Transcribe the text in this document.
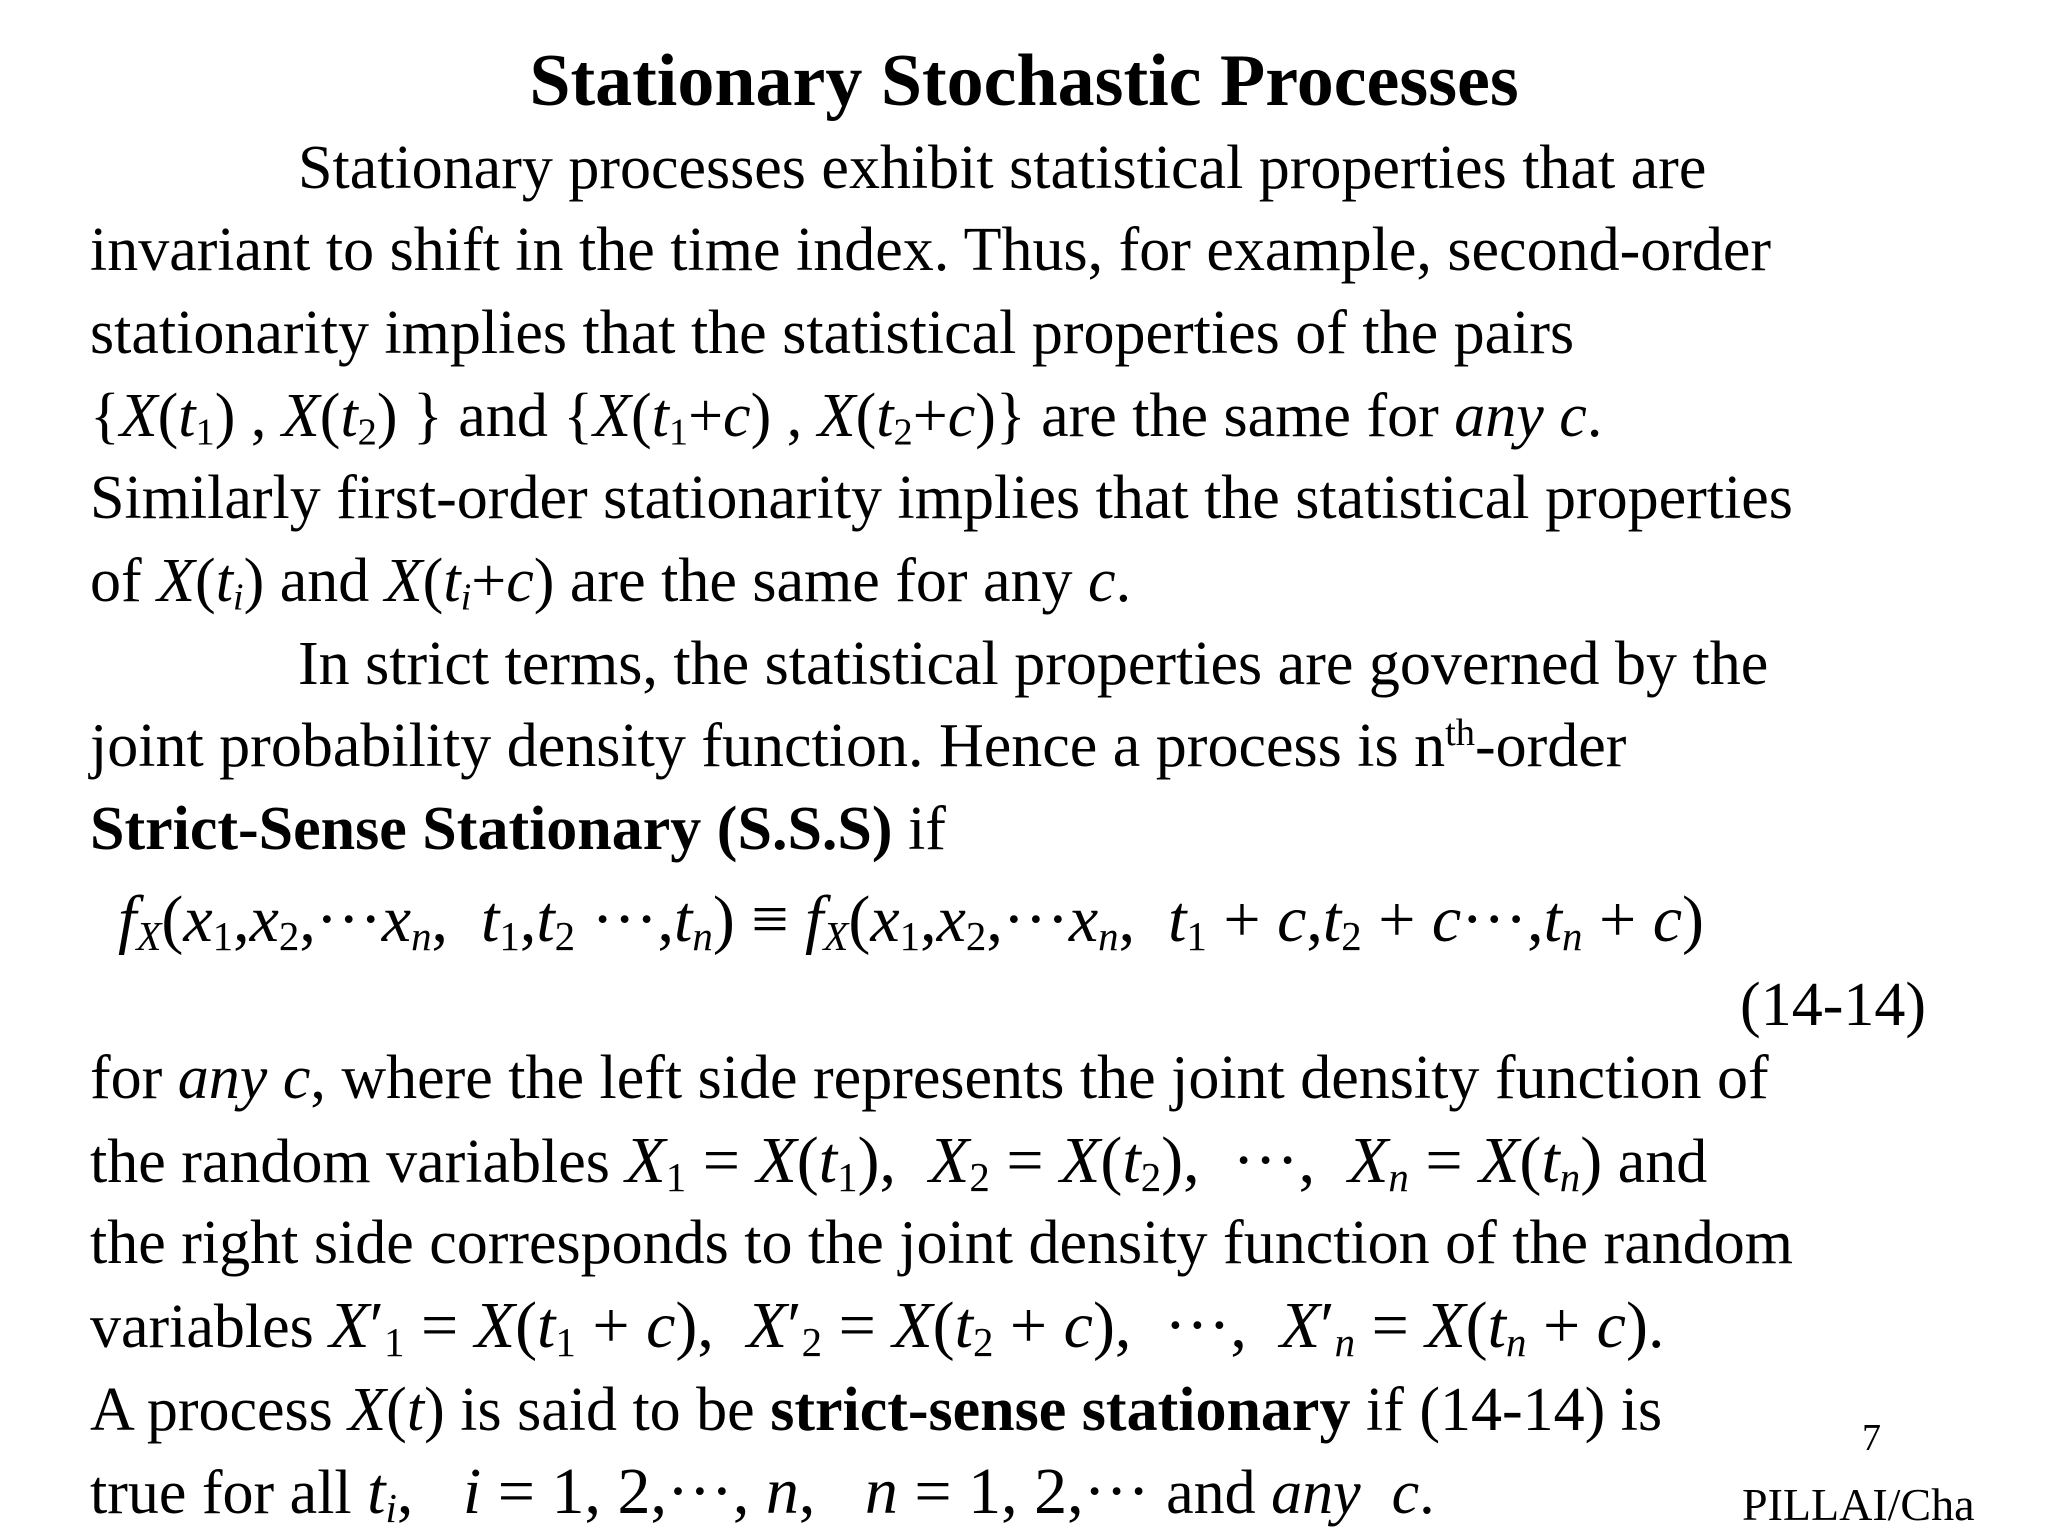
Stationary Stochastic Processes
Stationary processes exhibit statistical properties that are
invariant to shift in the time index. Thus, for example, second-order
stationarity implies that the statistical properties of the pairs
{$X(t_1)$ , $X(t_2)$ } and {$X(t_1+c)$ , $X(t_2+c)$} are the same for any c.
Similarly first-order stationarity implies that the statistical properties
of $X(t_i)$ and $X(t_i+c)$ are the same for any c.
In strict terms, the statistical properties are governed by the
joint probability density function. Hence a process is $n^{th}$-order
Strict-Sense Stationary (S.S.S) if
$f_X(x_1,x_2,\cdot\cdot\cdot x_n$,  $t_1,t_2 \cdot\cdot\cdot,t_n) \equiv f_X(x_1,x_2,\cdot\cdot\cdot x_n$,  $t_1 + c,t_2 + c\cdot\cdot\cdot,t_n + c$)
(14-14)
for any c, where the left side represents the joint density function of
the random variables $X_1 = X(t_1)$,  $X_2 = X(t_2)$,  ···,  $X_n = X(t_n)$ and
the right side corresponds to the joint density function of the random
variables $X'_1 = X(t_1 + c)$,  $X'_2 = X(t_2 + c)$,  ···,  $X'_n = X(t_n + c)$.
A process X(t) is said to be strict-sense stationary if (14-14) is
true for all $t_i$,   i = 1, 2,···, n,   n = 1, 2,··· and any  c.
7
PILLAI/Cha
